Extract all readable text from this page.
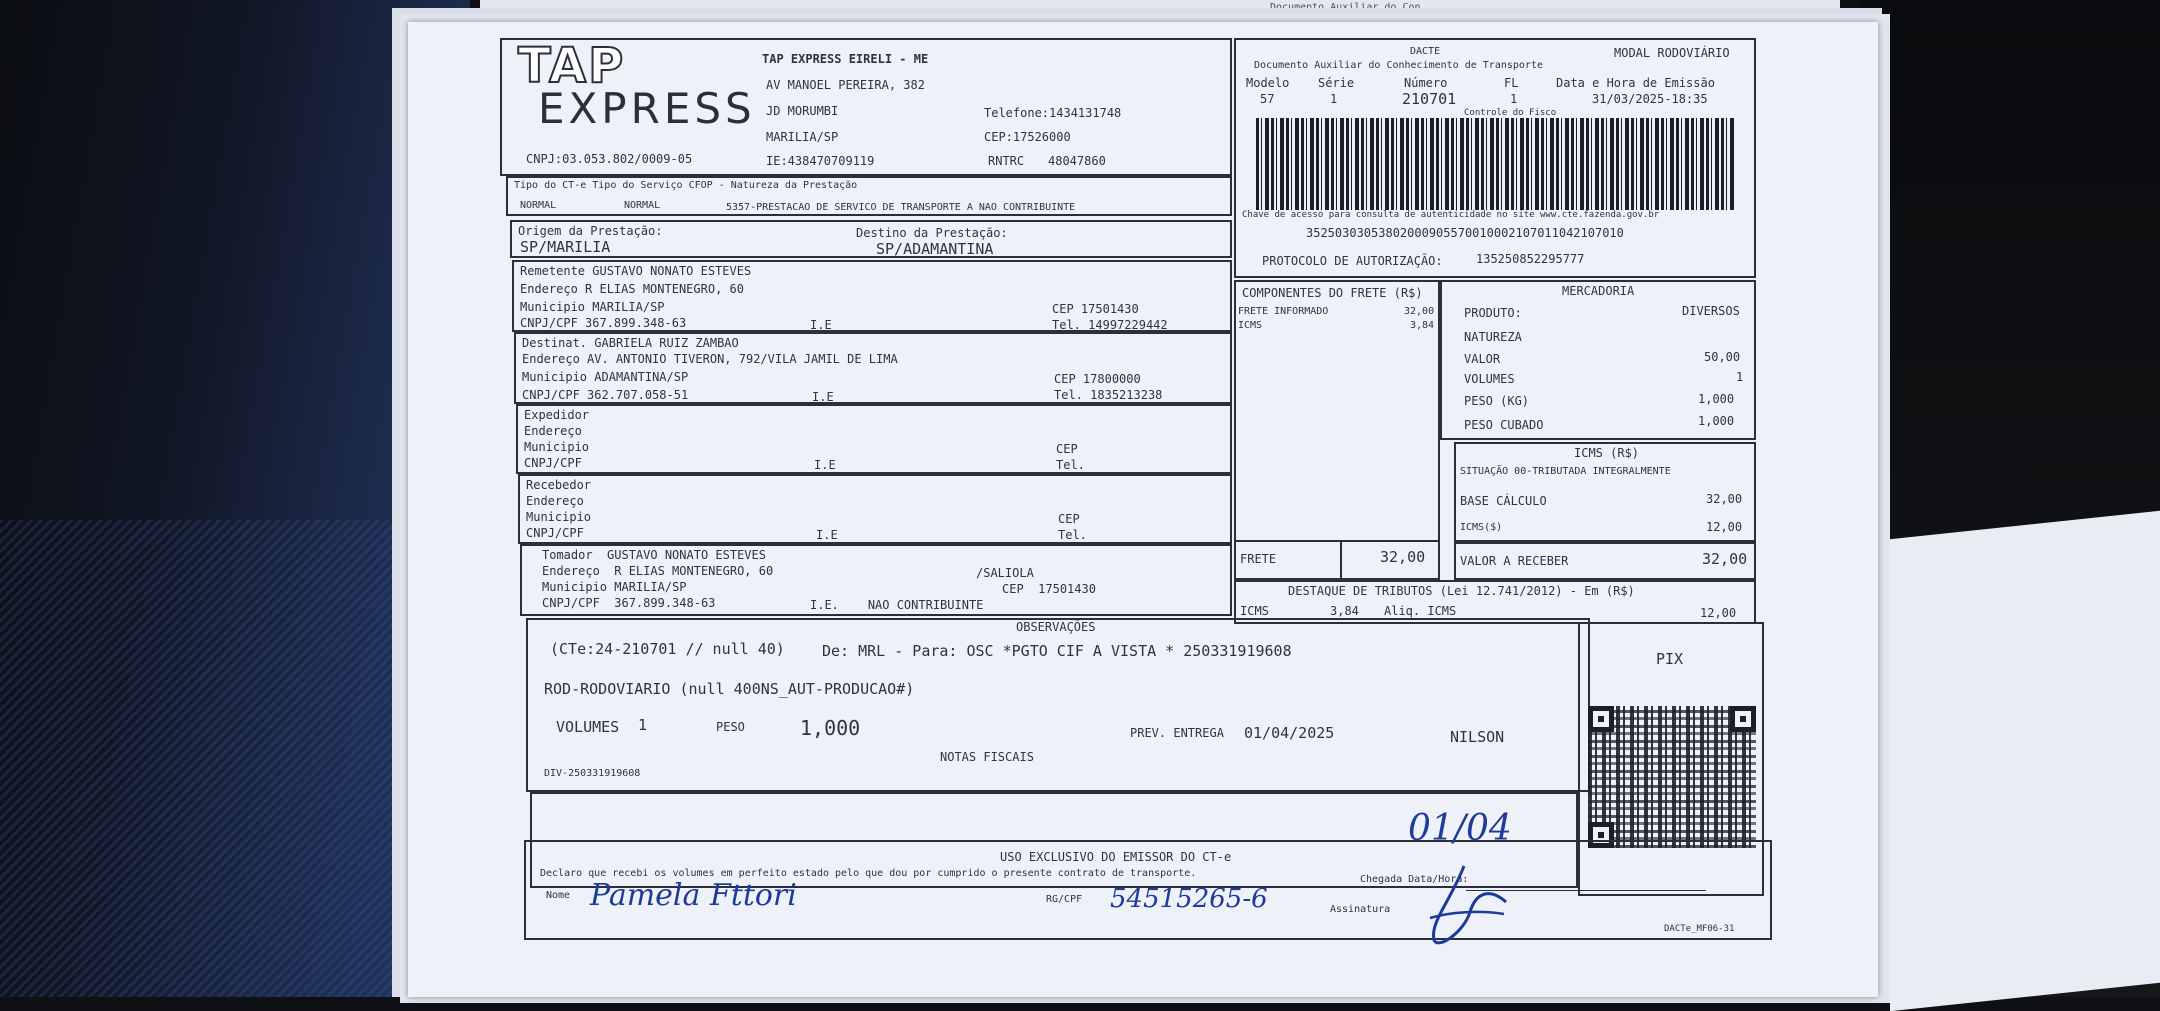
TAP
EXPRESS
TAP EXPRESS EIRELI - ME
AV MANOEL PEREIRA, 382
JD MORUMBI
MARILIA/SP
Telefone:1434131748
CEP:17526000
CNPJ:03.053.802/0009-05	IE:438470709119	RNTRC 48047860
DACTE	MODAL RODOVIÁRIO
Documento Auxiliar do Conhecimento de Transporte
Modelo Série	Número	FL	Data e Hora de Emissão
57	1	210701	1	31/03/2025-18:35
Controle do Fisco
Chave de acesso para consulta de autenticidade no site www.cte.fazenda.gov.br
35250303053802000905570010002107011042107010
PROTOCOLO DE AUTORIZAÇÃO:	135250852295777
Tipo do CT-e Tipo do Serviço CFOP - Natureza da Prestação
NORMAL	NORMAL	5357-PRESTACAO DE SERVICO DE TRANSPORTE A NAO CONTRIBUINTE
Origem da Prestação:
SP/MARILIA
Destino da Prestação:
SP/ADAMANTINA
Remetente GUSTAVO NONATO ESTEVES
Endereço R ELIAS MONTENEGRO, 60
Municipio MARILIA/SP
CNPJ/CPF 367.899.348-63	I.E
CEP 17501430
Tel. 14997229442
Destinat. GABRIELA RUIZ ZAMBAO
Endereço AV. ANTONIO TIVERON, 792/VILA JAMIL DE LIMA
Municipio ADAMANTINA/SP
CNPJ/CPF 362.707.058-51	I.E
CEP 17800000
Tel. 1835213238
Expedidor
Endereço
Municipio
CNPJ/CPF	I.E
CEP
Tel.
Recebedor
Endereço
Municipio
CNPJ/CPF	I.E
CEP
Tel.
Tomador GUSTAVO NONATO ESTEVES
Endereço R ELIAS MONTENEGRO, 60	/SALIOLA
Municipio MARILIA/SP	CEP 17501430
CNPJ/CPF 367.899.348-63	I.E. NAO CONTRIBUINTE
COMPONENTES DO FRETE (R$)
FRETE INFORMADO	32,00
ICMS	3,84
FRETE	32,00
MERCADORIA
PRODUTO:	DIVERSOS
NATUREZA
VALOR	50,00
VOLUMES	1
PESO (KG)	1,000
PESO CUBADO	1,000
ICMS (R$)
SITUAÇÃO 00-TRIBUTADA INTEGRALMENTE
BASE CÁLCULO	32,00
ICMS($)	12,00
VALOR A RECEBER	32,00
DESTAQUE DE TRIBUTOS (Lei 12.741/2012) - Em (R$)
ICMS	3,84 Aliq. ICMS	12,00
OBSERVAÇÕES
(CTe:24-210701 // null 40) De: MRL - Para: OSC *PGTO CIF A VISTA * 250331919608
ROD-RODOVIARIO (null 400NS_AUT-PRODUCAO#)
VOLUMES 1	PESO	1,000	PREV. ENTREGA 01/04/2025	NILSON
PIX
NOTAS FISCAIS
DIV-250331919608
USO EXCLUSIVO DO EMISSOR DO CT-e
Declaro que recebi os volumes em perfeito estado pelo que dou por cumprido o presente contrato de transporte.
Chegada Data/Hora:
Nome	RG/CPF
Assinatura
DACTe_MF06-31
Pamela Fttori	54515265-6
01/04
